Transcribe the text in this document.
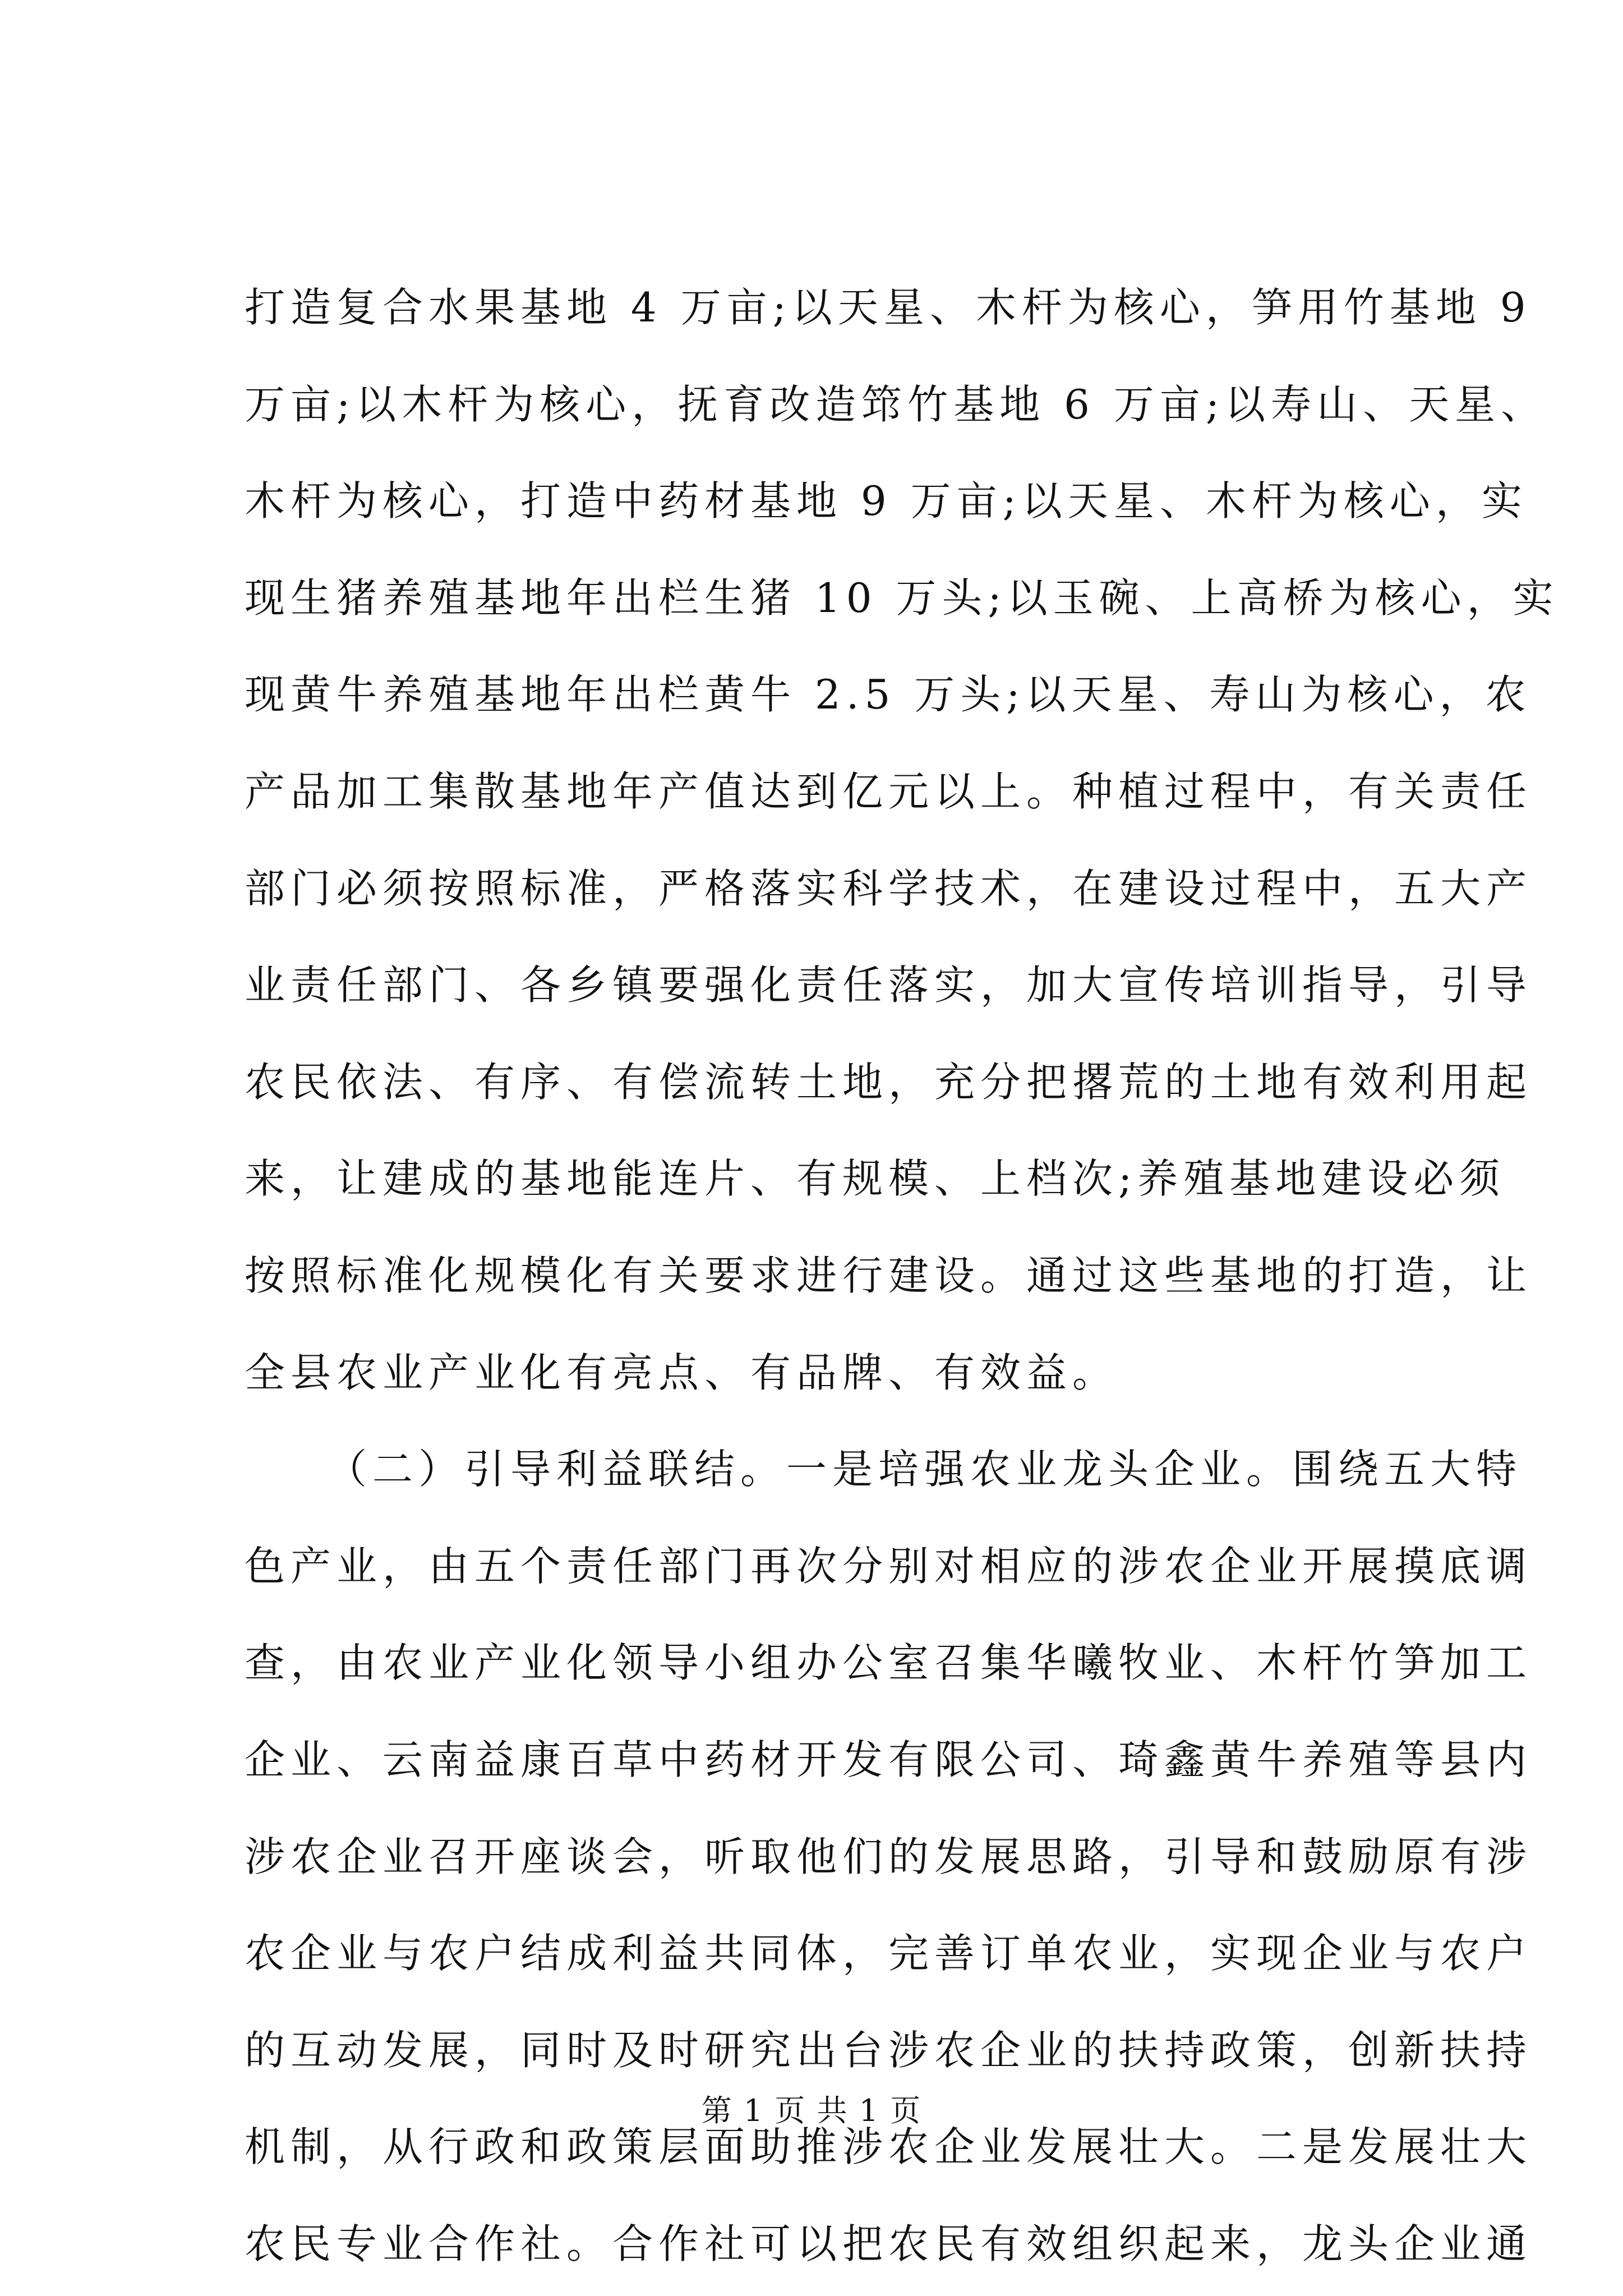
打造复合水果基地 4 万亩;以天星、木杆为核心，笋用竹基地 9
万亩;以木杆为核心，抚育改造筇竹基地 6 万亩;以寿山、天星、
木杆为核心，打造中药材基地 9 万亩;以天星、木杆为核心，实
现生猪养殖基地年出栏生猪 10 万头;以玉碗、上高桥为核心，实
现黄牛养殖基地年出栏黄牛 2.5 万头;以天星、寿山为核心，农
产品加工集散基地年产值达到亿元以上。种植过程中，有关责任
部门必须按照标准，严格落实科学技术，在建设过程中，五大产
业责任部门、各乡镇要强化责任落实，加大宣传培训指导，引导
农民依法、有序、有偿流转土地，充分把撂荒的土地有效利用起
来，让建成的基地能连片、有规模、上档次;养殖基地建设必须
按照标准化规模化有关要求进行建设。通过这些基地的打造，让
全县农业产业化有亮点、有品牌、有效益。
（二）引导利益联结。一是培强农业龙头企业。围绕五大特
色产业，由五个责任部门再次分别对相应的涉农企业开展摸底调
查，由农业产业化领导小组办公室召集华曦牧业、木杆竹笋加工
企业、云南益康百草中药材开发有限公司、琦鑫黄牛养殖等县内
涉农企业召开座谈会，听取他们的发展思路，引导和鼓励原有涉
农企业与农户结成利益共同体，完善订单农业，实现企业与农户
的互动发展，同时及时研究出台涉农企业的扶持政策，创新扶持
机制，从行政和政策层面助推涉农企业发展壮大。二是发展壮大
农民专业合作社。合作社可以把农民有效组织起来，龙头企业通
第 1 页 共 1 页
